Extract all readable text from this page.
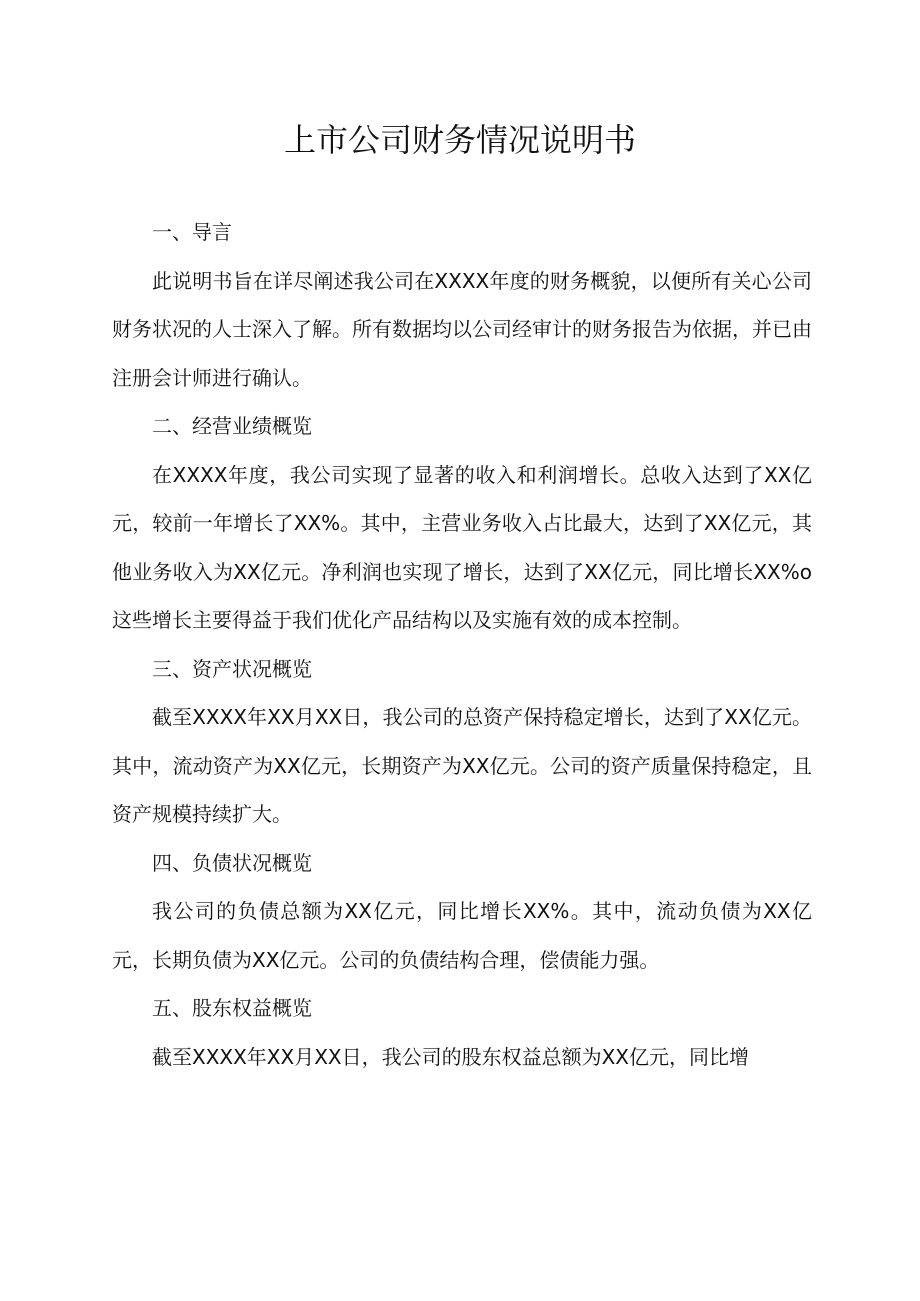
上市公司财务情况说明书
一、导言

此说明书旨在详尽阐述我公司在XXXX年度的财务概貌，以便所有关心公司财务状况的人士深入了解。所有数据均以公司经审计的财务报告为依据，并已由注册会计师进行确认。

二、经营业绩概览

在XXXX年度，我公司实现了显著的收入和利润增长。总收入达到了XX亿元，较前一年增长了XX%。其中，主营业务收入占比最大，达到了XX亿元，其他业务收入为XX亿元。净利润也实现了增长，达到了XX亿元，同比增长XX%o这些增长主要得益于我们优化产品结构以及实施有效的成本控制。

三、资产状况概览

截至XXXX年XX月XX日，我公司的总资产保持稳定增长，达到了XX亿元。其中，流动资产为XX亿元，长期资产为XX亿元。公司的资产质量保持稳定，且资产规模持续扩大。

四、负债状况概览

我公司的负债总额为XX亿元，同比增长XX%。其中，流动负债为XX亿元，长期负债为XX亿元。公司的负债结构合理，偿债能力强。

五、股东权益概览

截至XXXX年XX月XX日，我公司的股东权益总额为XX亿元，同比增
